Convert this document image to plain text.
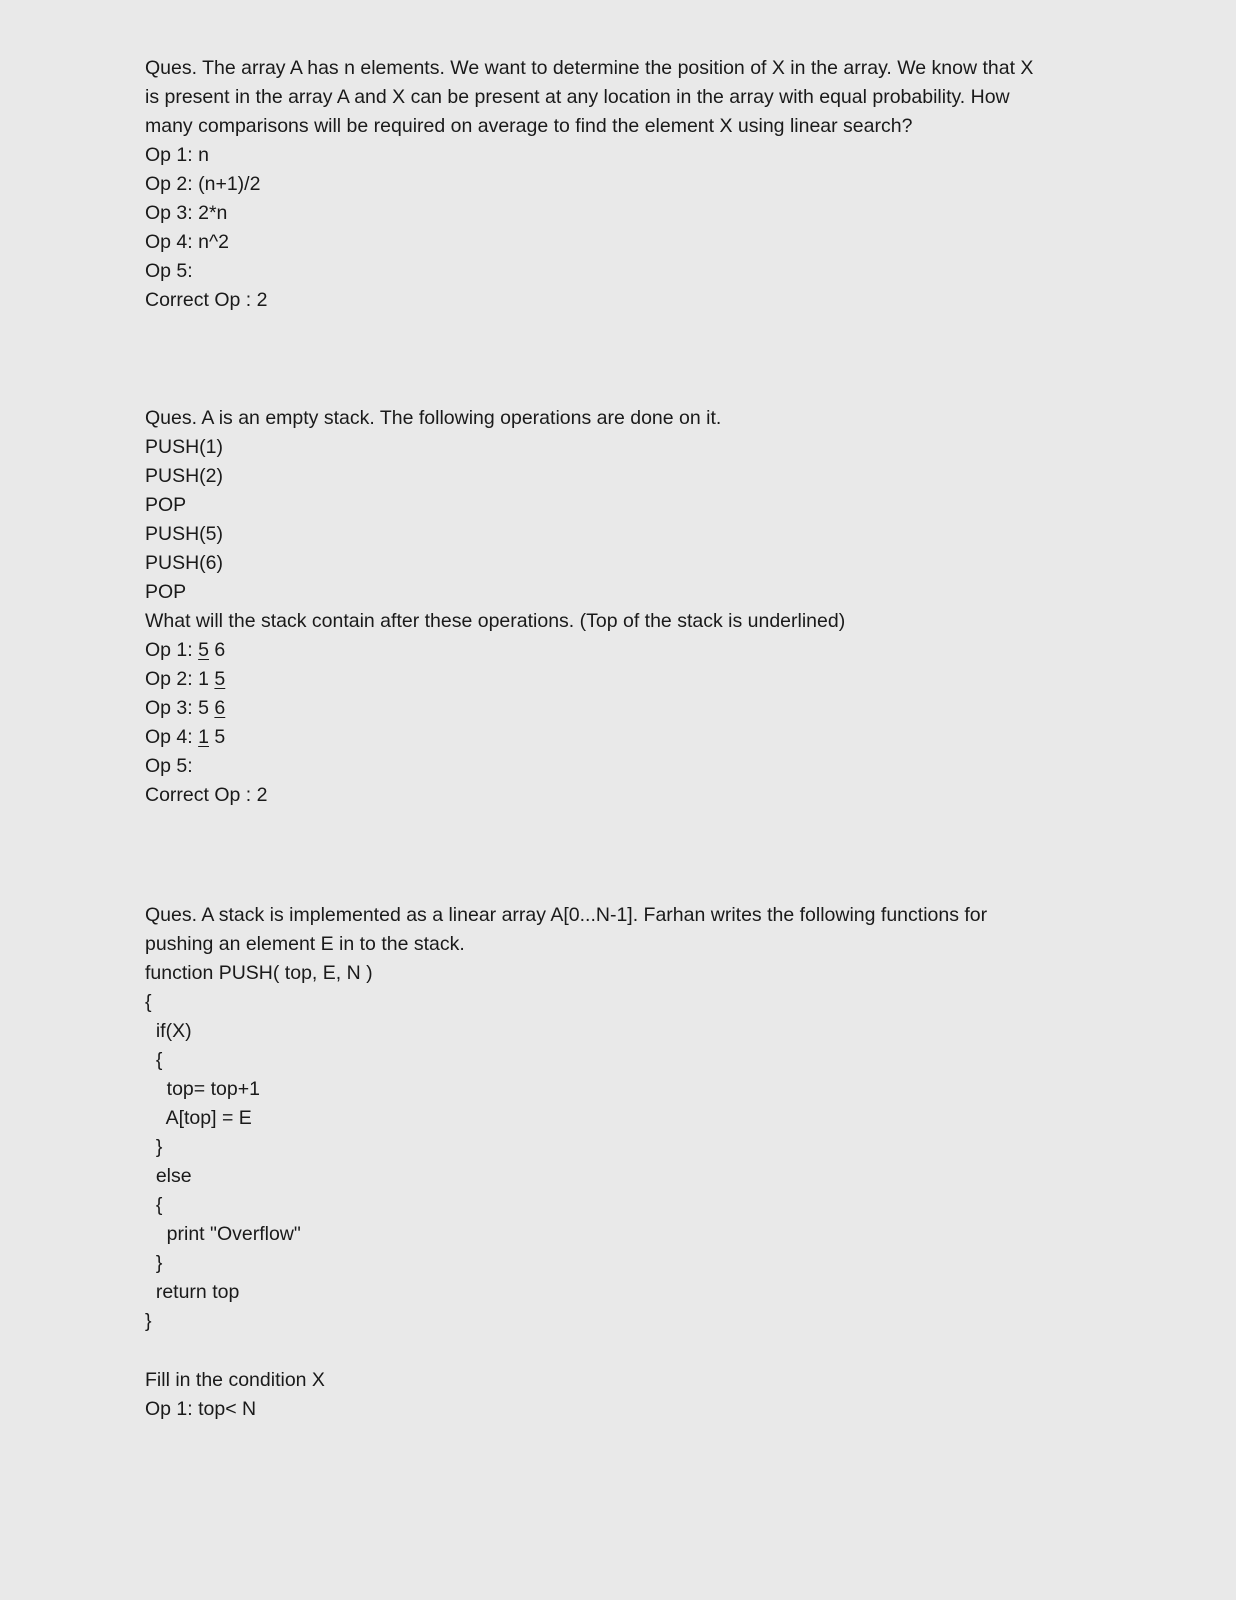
Ques. The array A has n elements. We want to determine the position of X in the array. We know that X
is present in the array A and X can be present at any location in the array with equal probability. How
many comparisons will be required on average to find the element X using linear search?
Op 1: n
Op 2: (n+1)/2
Op 3: 2*n
Op 4: n^2
Op 5:
Correct Op : 2
Ques. A is an empty stack. The following operations are done on it.
PUSH(1)
PUSH(2)
POP
PUSH(5)
PUSH(6)
POP
What will the stack contain after these operations. (Top of the stack is underlined)
Op 1: 5 6
Op 2: 1 5
Op 3: 5 6
Op 4: 1 5
Op 5:
Correct Op : 2
Ques. A stack is implemented as a linear array A[0...N-1]. Farhan writes the following functions for
pushing an element E in to the stack.
function PUSH( top, E, N )
{
if(X)
{
top= top+1
A[top] = E
}
else
{
print "Overflow"
}
return top
}
Fill in the condition X
Op 1: top< N
